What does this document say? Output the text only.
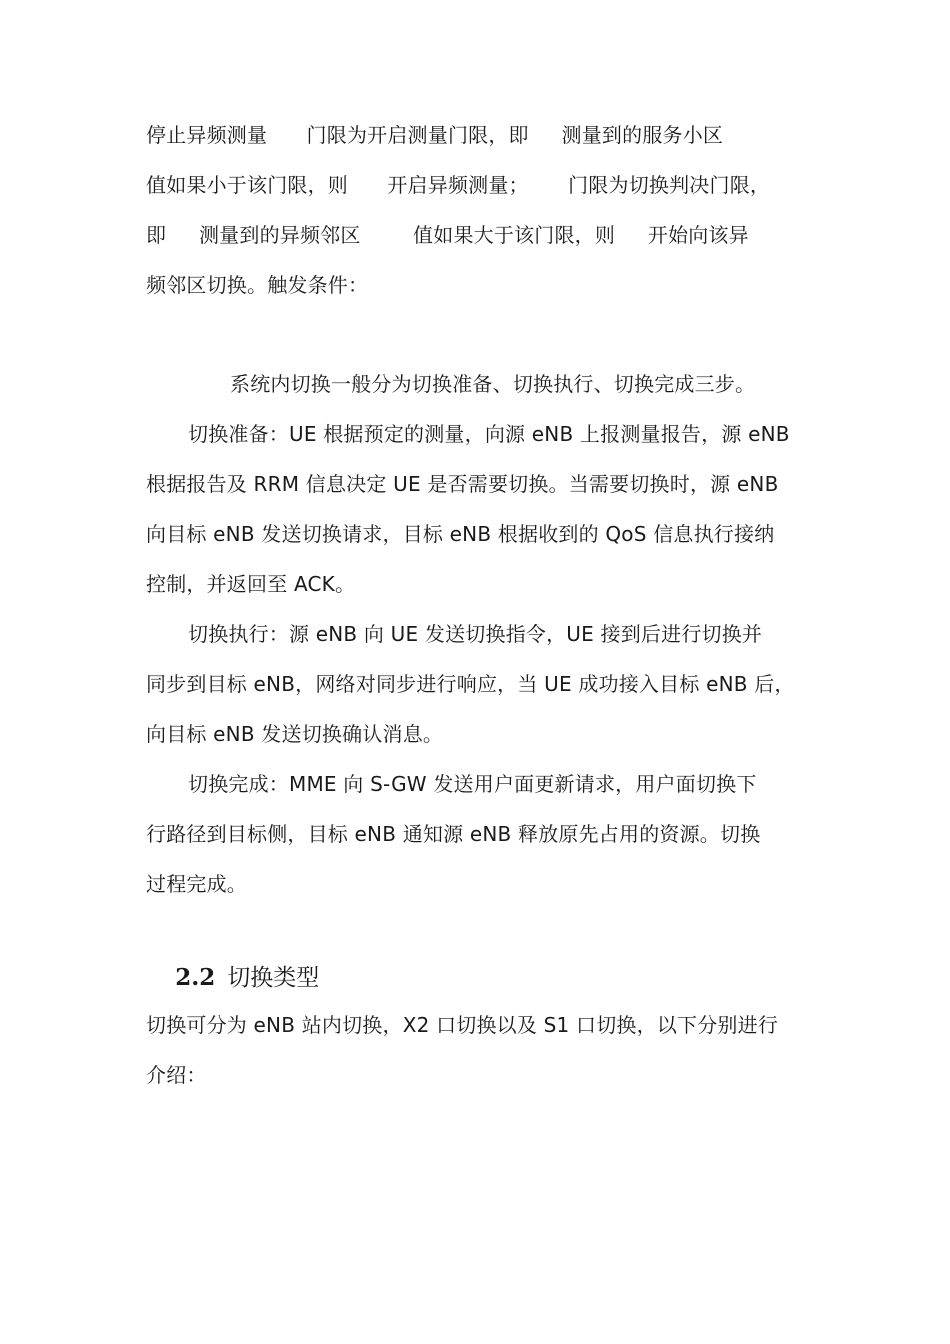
停止异频测量      门限为开启测量门限，即     测量到的服务小区
值如果小于该门限，则      开启异频测量；      门限为切换判决门限，
即     测量到的异频邻区        值如果大于该门限，则     开始向该异
频邻区切换。触发条件：
系统内切换一般分为切换准备、切换执行、切换完成三步。
切换准备：UE 根据预定的测量，向源 eNB 上报测量报告，源 eNB
根据报告及 RRM 信息决定 UE 是否需要切换。当需要切换时，源 eNB
向目标 eNB 发送切换请求，目标 eNB 根据收到的 QoS 信息执行接纳
控制，并返回至 ACK。
切换执行：源 eNB 向 UE 发送切换指令，UE 接到后进行切换并
同步到目标 eNB，网络对同步进行响应，当 UE 成功接入目标 eNB 后，
向目标 eNB 发送切换确认消息。
切换完成：MME 向 S-GW 发送用户面更新请求，用户面切换下
行路径到目标侧，目标 eNB 通知源 eNB 释放原先占用的资源。切换
过程完成。

2.2 切换类型

切换可分为 eNB 站内切换，X2 口切换以及 S1 口切换，以下分别进行
介绍：
